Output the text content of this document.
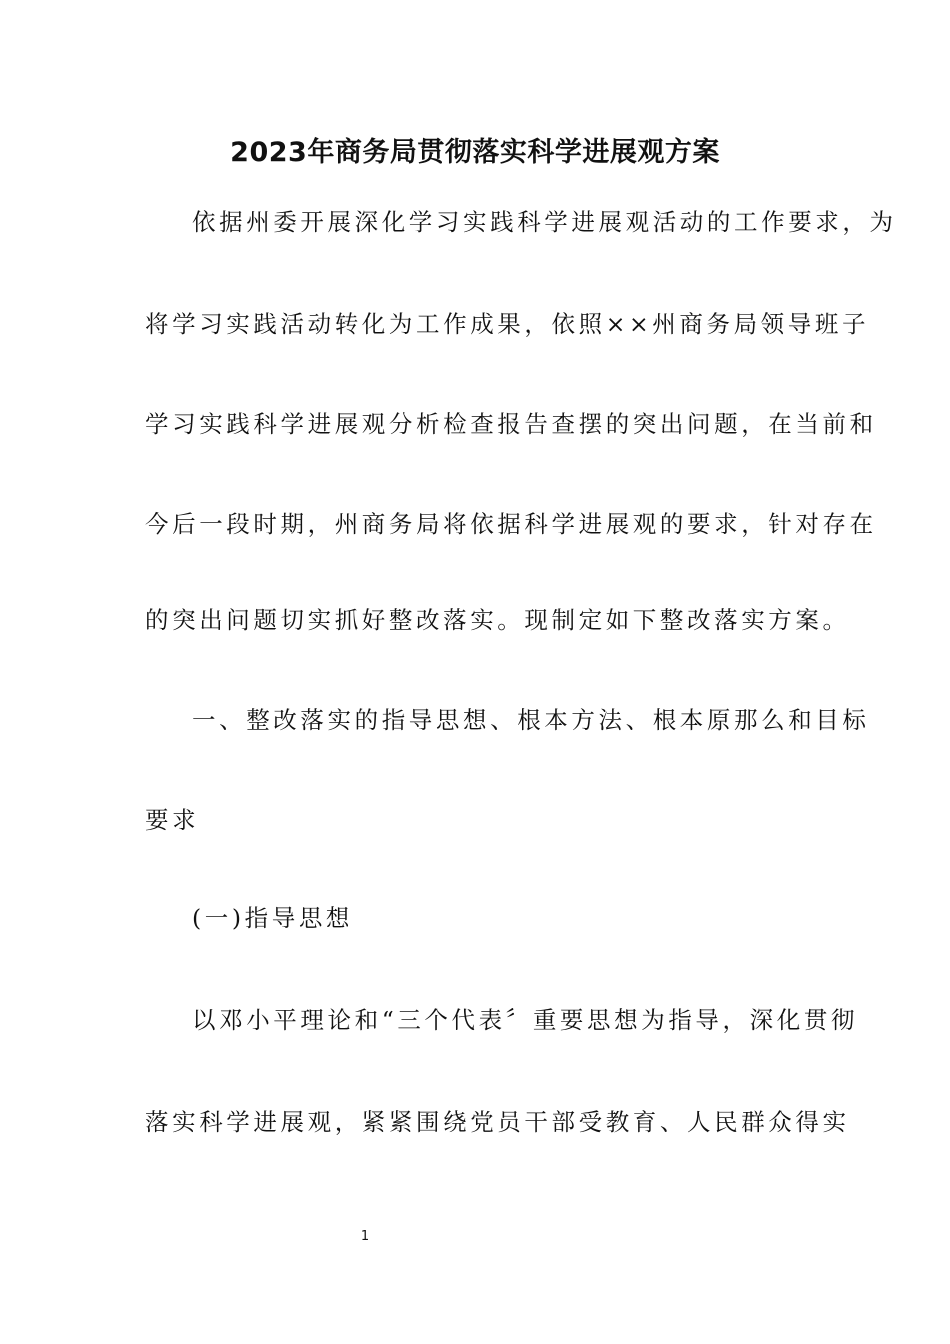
2023年商务局贯彻落实科学进展观方案
依据州委开展深化学习实践科学进展观活动的工作要求，为
将学习实践活动转化为工作成果，依照××州商务局领导班子
学习实践科学进展观分析检查报告查摆的突出问题，在当前和
今后一段时期，州商务局将依据科学进展观的要求，针对存在
的突出问题切实抓好整改落实。现制定如下整改落实方案。
一、整改落实的指导思想、根本方法、根本原那么和目标
要求
(一)指导思想
以邓小平理论和“三个代表〞重要思想为指导，深化贯彻
落实科学进展观，紧紧围绕党员干部受教育、人民群众得实
1
